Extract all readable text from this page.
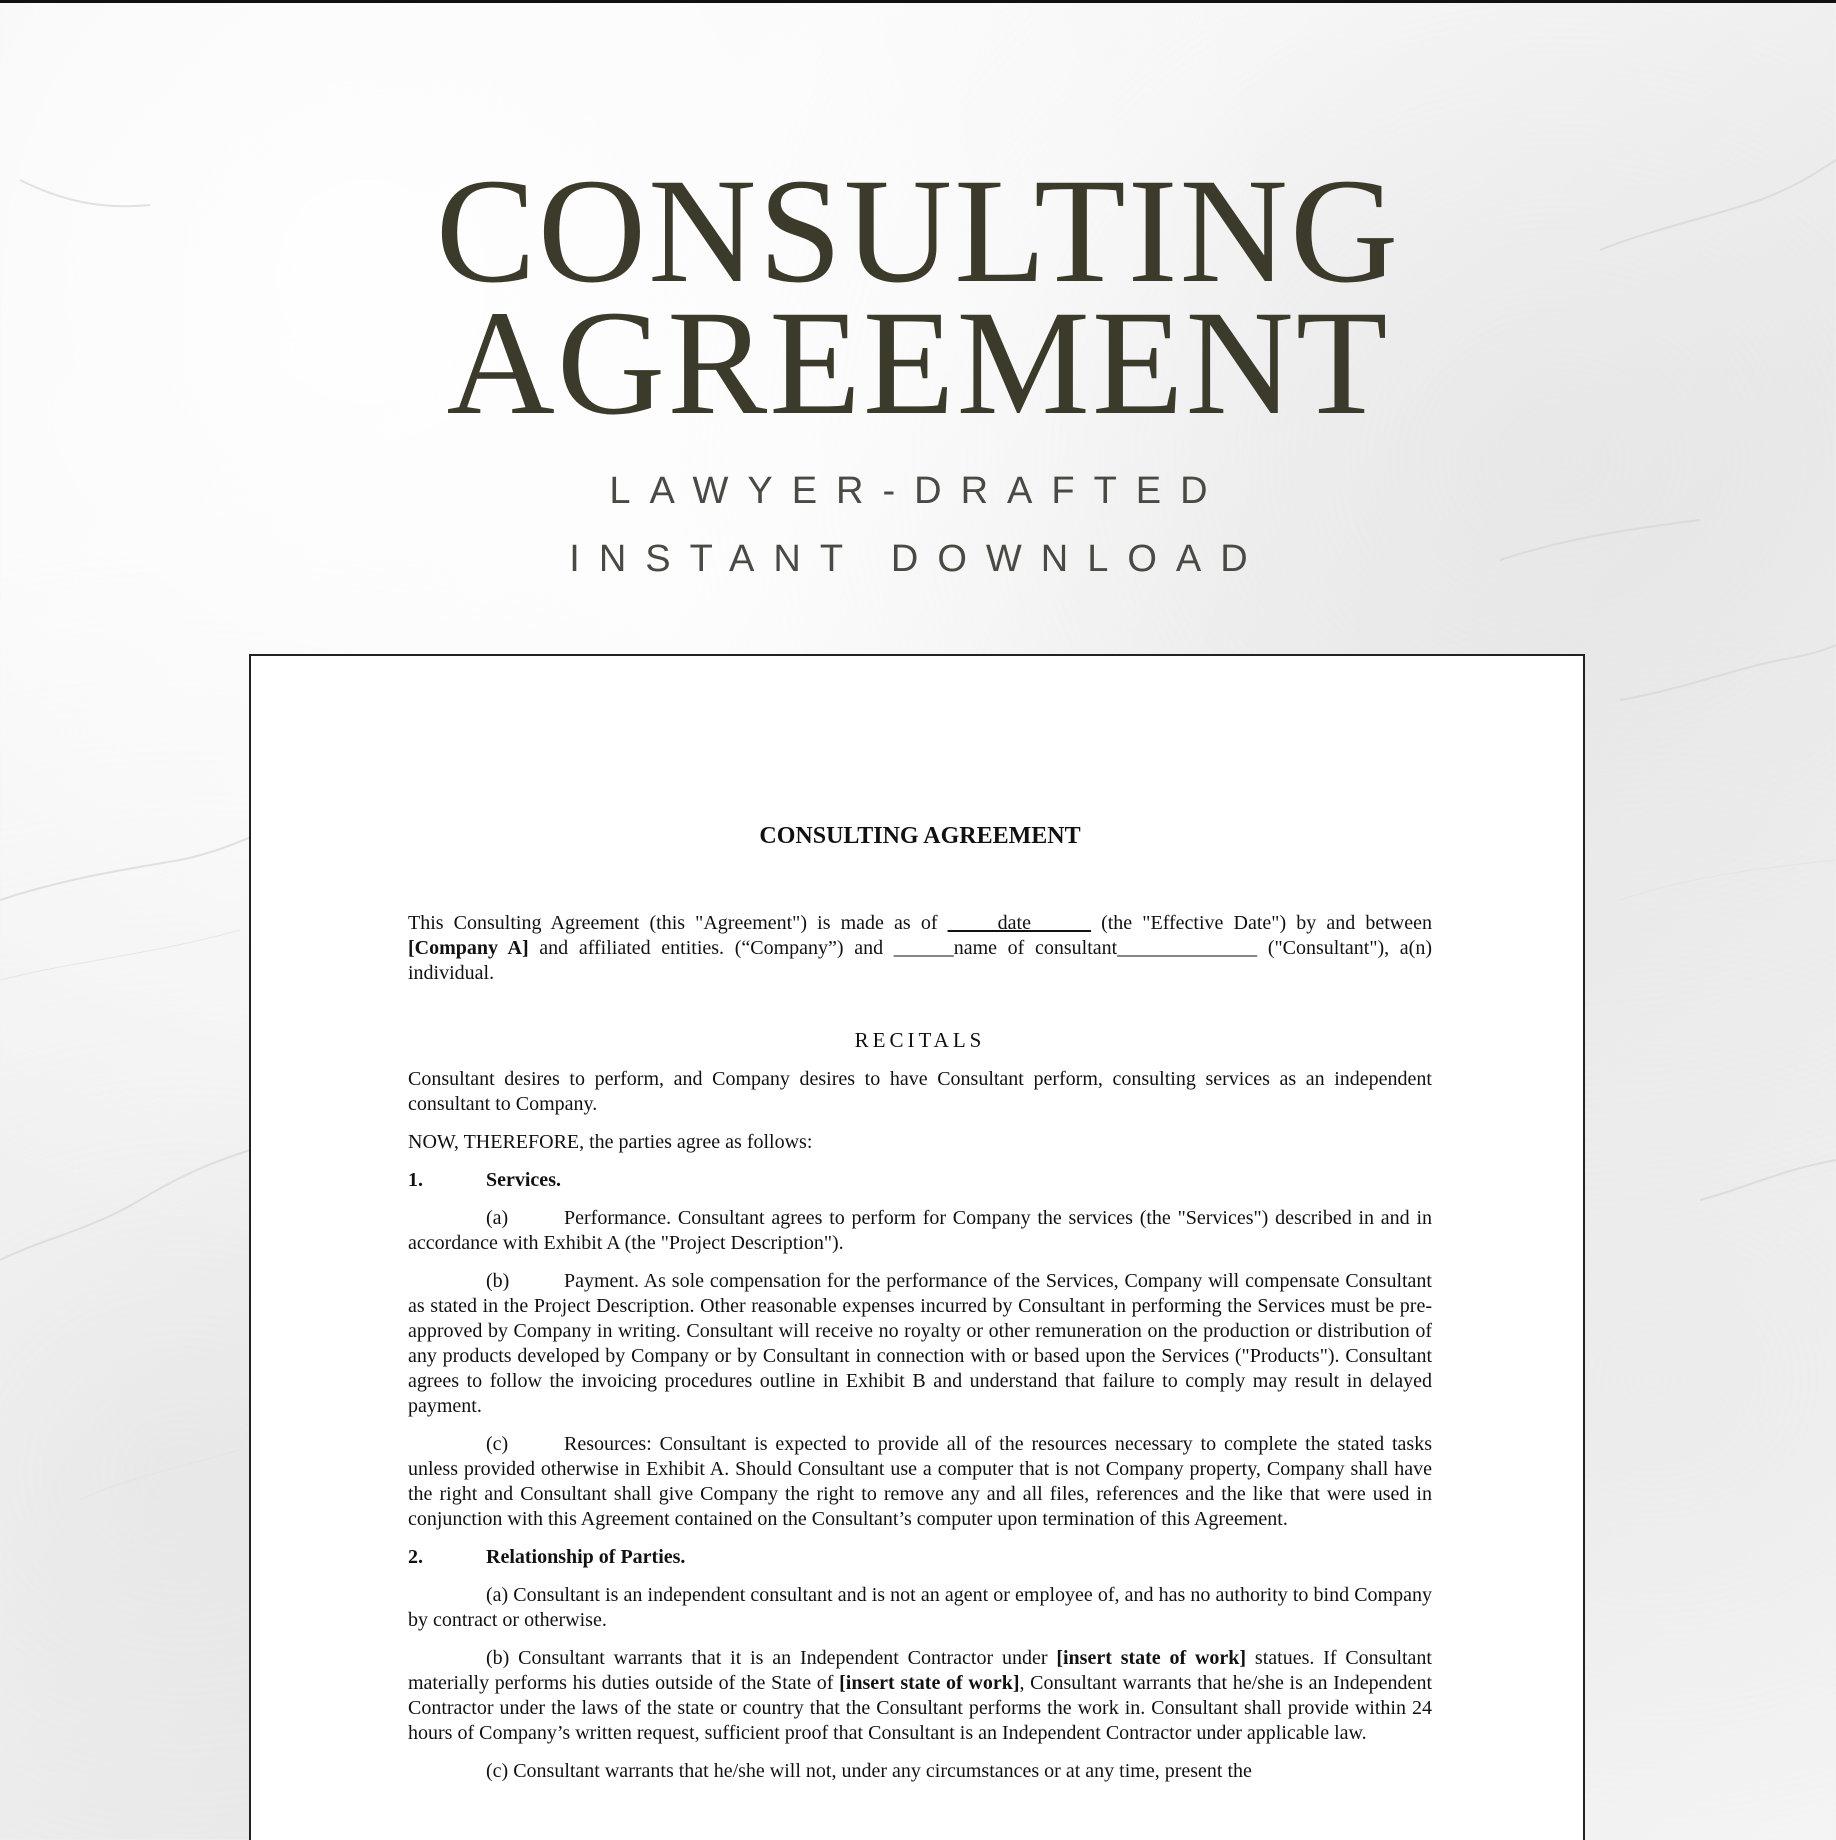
CONSULTING
AGREEMENT
LAWYER-DRAFTED
INSTANT DOWNLOAD
CONSULTING AGREEMENT

This Consulting Agreement (this "Agreement") is made as of _____date______ (the "Effective Date") by and between [Company A] and affiliated entities. (“Company”) and ______name of consultant______________ ("Consultant"), a(n) individual.

RECITALS

Consultant desires to perform, and Company desires to have Consultant perform, consulting services as an independent consultant to Company.

NOW, THEREFORE, the parties agree as follows:

1.	Services.

(a)	Performance. Consultant agrees to perform for Company the services (the "Services") described in and in accordance with Exhibit A (the "Project Description").

(b)	Payment. As sole compensation for the performance of the Services, Company will compensate Consultant as stated in the Project Description. Other reasonable expenses incurred by Consultant in performing the Services must be pre-approved by Company in writing. Consultant will receive no royalty or other remuneration on the production or distribution of any products developed by Company or by Consultant in connection with or based upon the Services ("Products"). Consultant agrees to follow the invoicing procedures outline in Exhibit B and understand that failure to comply may result in delayed payment.

(c)	Resources: Consultant is expected to provide all of the resources necessary to complete the stated tasks unless provided otherwise in Exhibit A. Should Consultant use a computer that is not Company property, Company shall have the right and Consultant shall give Company the right to remove any and all files, references and the like that were used in conjunction with this Agreement contained on the Consultant’s computer upon termination of this Agreement.

2.	Relationship of Parties.

(a) Consultant is an independent consultant and is not an agent or employee of, and has no authority to bind Company by contract or otherwise.

(b) Consultant warrants that it is an Independent Contractor under [insert state of work] statues. If Consultant materially performs his duties outside of the State of [insert state of work], Consultant warrants that he/she is an Independent Contractor under the laws of the state or country that the Consultant performs the work in. Consultant shall provide within 24 hours of Company’s written request, sufficient proof that Consultant is an Independent Contractor under applicable law.

(c) Consultant warrants that he/she will not, under any circumstances or at any time, present the
